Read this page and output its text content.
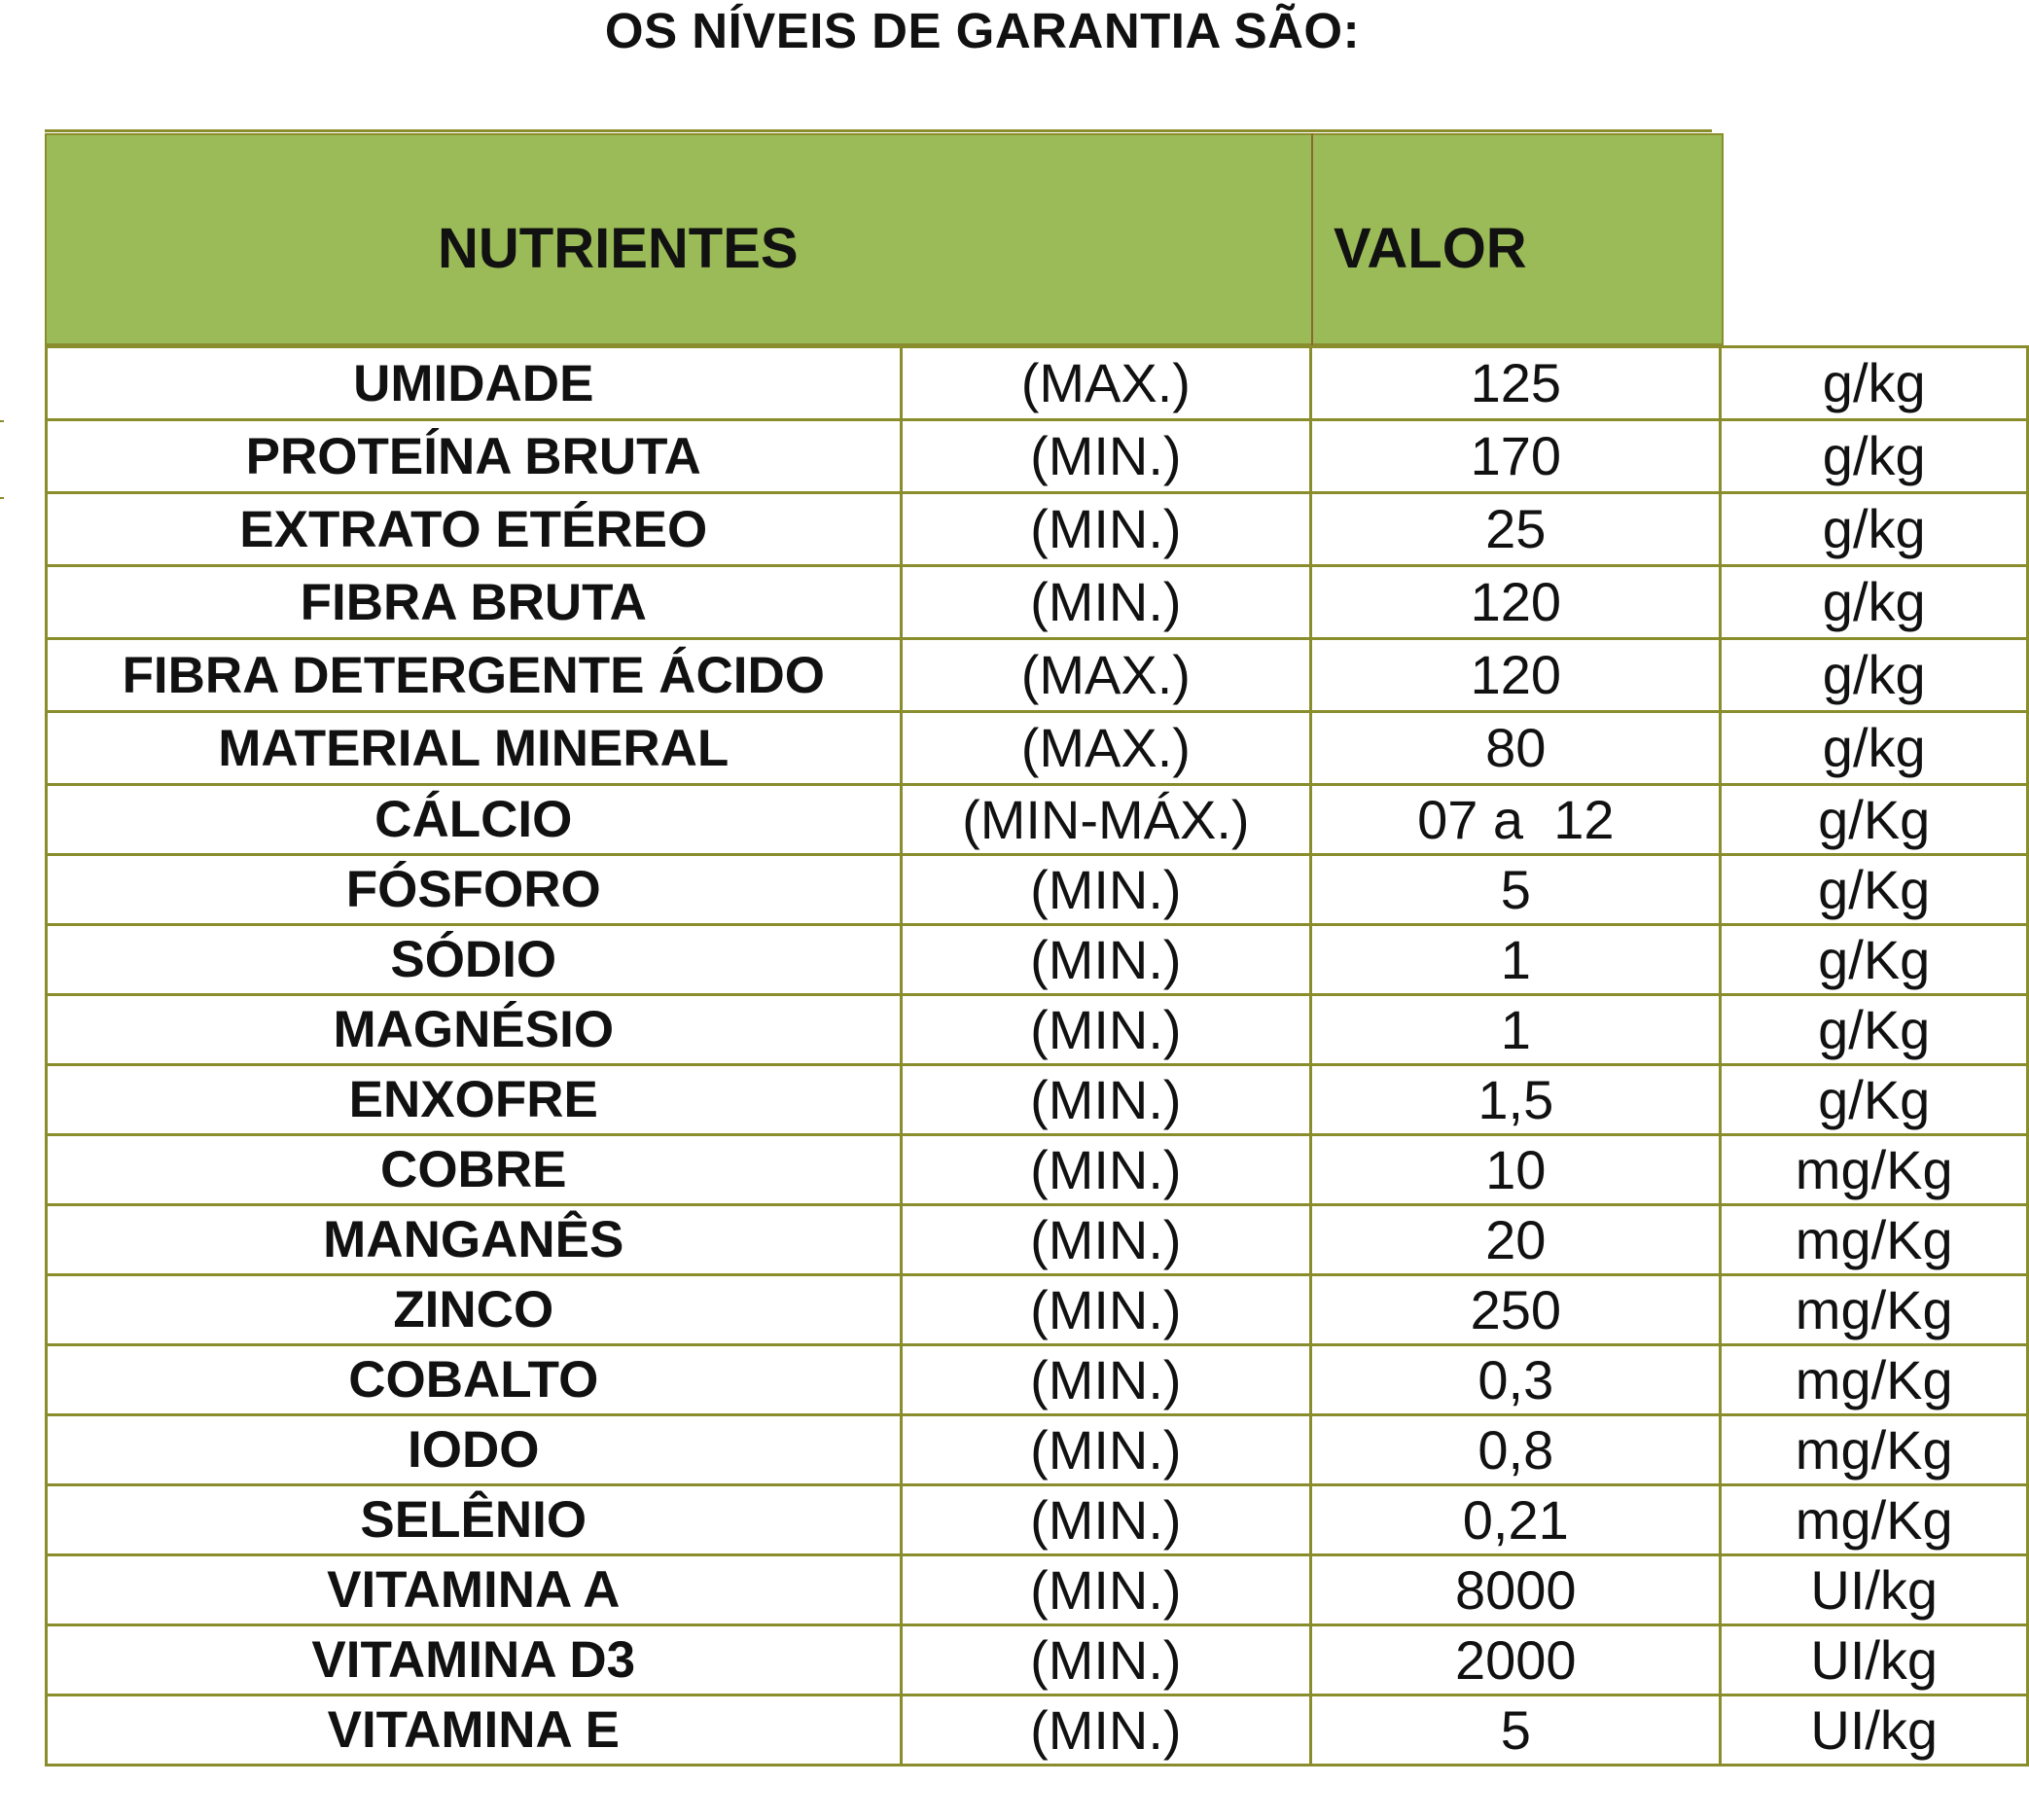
OS NÍVEIS DE GARANTIA SÃO:
NUTRIENTES	VALOR
UMIDADE	(MAX.)	125	g/kg
PROTEÍNA BRUTA	(MIN.)	170	g/kg
EXTRATO ETÉREO	(MIN.)	25	g/kg
FIBRA BRUTA	(MIN.)	120	g/kg
FIBRA DETERGENTE ÁCIDO	(MAX.)	120	g/kg
MATERIAL MINERAL	(MAX.)	80	g/kg
CÁLCIO	(MIN-MÁX.)	07 a  12	g/Kg
FÓSFORO	(MIN.)	5	g/Kg
SÓDIO	(MIN.)	1	g/Kg
MAGNÉSIO	(MIN.)	1	g/Kg
ENXOFRE	(MIN.)	1,5	g/Kg
COBRE	(MIN.)	10	mg/Kg
MANGANÊS	(MIN.)	20	mg/Kg
ZINCO	(MIN.)	250	mg/Kg
COBALTO	(MIN.)	0,3	mg/Kg
IODO	(MIN.)	0,8	mg/Kg
SELÊNIO	(MIN.)	0,21	mg/Kg
VITAMINA A	(MIN.)	8000	UI/kg
VITAMINA D3	(MIN.)	2000	UI/kg
VITAMINA E	(MIN.)	5	UI/kg
